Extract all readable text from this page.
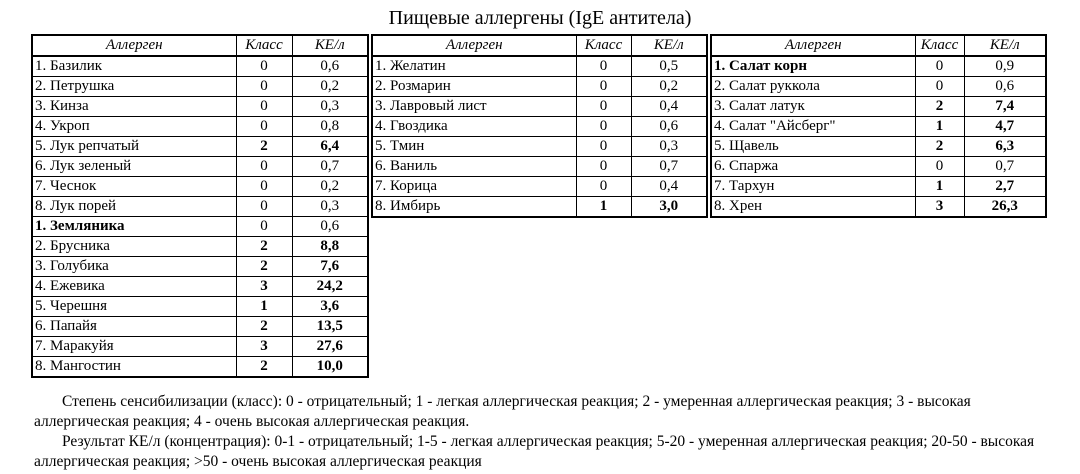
Пищевые аллергены (IgE антитела)
Аллерген	Класс	КЕ/л
1. Базилик	0	0,6
2. Петрушка	0	0,2
3. Кинза	0	0,3
4. Укроп	0	0,8
5. Лук репчатый	2	6,4
6. Лук зеленый	0	0,7
7. Чеснок	0	0,2
8. Лук порей	0	0,3
1. Земляника	0	0,6
2. Брусника	2	8,8
3. Голубика	2	7,6
4. Ежевика	3	24,2
5. Черешня	1	3,6
6. Папайя	2	13,5
7. Маракуйя	3	27,6
8. Мангостин	2	10,0
Аллерген	Класс	КЕ/л
1. Желатин	0	0,5
2. Розмарин	0	0,2
3. Лавровый лист	0	0,4
4. Гвоздика	0	0,6
5. Тмин	0	0,3
6. Ваниль	0	0,7
7. Корица	0	0,4
8. Имбирь	1	3,0
Аллерген	Класс	КЕ/л
1. Салат корн	0	0,9
2. Салат руккола	0	0,6
3. Салат латук	2	7,4
4. Салат "Айсберг"	1	4,7
5. Щавель	2	6,3
6. Спаржа	0	0,7
7. Тархун	1	2,7
8. Хрен	3	26,3
Степень сенсибилизации (класс): 0 - отрицательный; 1 - легкая аллергическая реакция; 2 - умеренная аллергическая реакция; 3 - высокая аллергическая реакция; 4 - очень высокая аллергическая реакция.
Результат КЕ/л (концентрация): 0-1 - отрицательный; 1-5 - легкая аллергическая реакция; 5-20 - умеренная аллергическая реакция; 20-50 - высокая аллергическая реакция; >50 - очень высокая аллергическая реакция
